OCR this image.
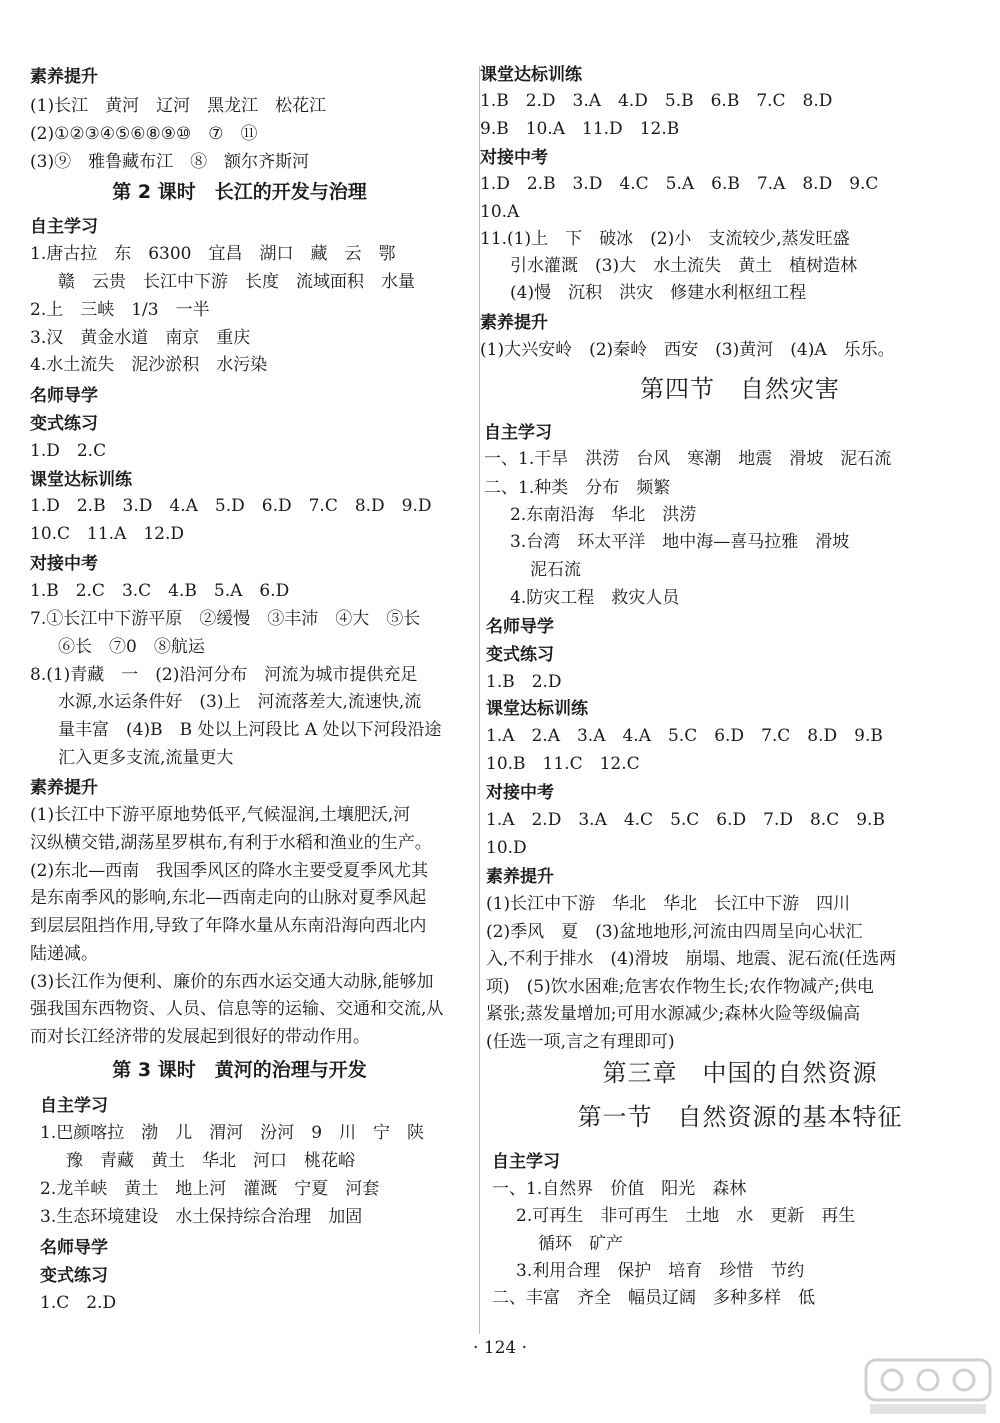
素养提升
(1)长江　黄河　辽河　黑龙江　松花江
(2)①②③④⑤⑥⑧⑨⑩　⑦　⑪
(3)⑨　雅鲁藏布江　⑧　额尔齐斯河
第 2 课时　长江的开发与治理
自主学习
1.唐古拉　东　6300　宜昌　湖口　藏　云　鄂
赣　云贵　长江中下游　长度　流域面积　水量
2.上　三峡　1/3　一半
3.汉　黄金水道　南京　重庆
4.水土流失　泥沙淤积　水污染
名师导学
变式练习
1.D　2.C
课堂达标训练
1.D　2.B　3.D　4.A　5.D　6.D　7.C　8.D　9.D
10.C　11.A　12.D
对接中考
1.B　2.C　3.C　4.B　5.A　6.D
7.①长江中下游平原　②缓慢　③丰沛　④大　⑤长
⑥长　⑦0　⑧航运
8.(1)青藏　一　(2)沿河分布　河流为城市提供充足
水源,水运条件好　(3)上　河流落差大,流速快,流
量丰富　(4)B　B 处以上河段比 A 处以下河段沿途
汇入更多支流,流量更大
素养提升
(1)长江中下游平原地势低平,气候湿润,土壤肥沃,河
汉纵横交错,湖荡星罗棋布,有利于水稻和渔业的生产。
(2)东北—西南　我国季风区的降水主要受夏季风尤其
是东南季风的影响,东北—西南走向的山脉对夏季风起
到层层阻挡作用,导致了年降水量从东南沿海向西北内
陆递减。
(3)长江作为便利、廉价的东西水运交通大动脉,能够加
强我国东西物资、人员、信息等的运输、交通和交流,从
而对长江经济带的发展起到很好的带动作用。
第 3 课时　黄河的治理与开发
自主学习
1.巴颜喀拉　渤　儿　渭河　汾河　9　川　宁　陕
豫　青藏　黄土　华北　河口　桃花峪
2.龙羊峡　黄土　地上河　灌溉　宁夏　河套
3.生态环境建设　水土保持综合治理　加固
名师导学
变式练习
1.C　2.D
课堂达标训练
1.B　2.D　3.A　4.D　5.B　6.B　7.C　8.D
9.B　10.A　11.D　12.B
对接中考
1.D　2.B　3.D　4.C　5.A　6.B　7.A　8.D　9.C
10.A
11.(1)上　下　破冰　(2)小　支流较少,蒸发旺盛
引水灌溉　(3)大　水土流失　黄土　植树造林
(4)慢　沉积　洪灾　修建水利枢纽工程
素养提升
(1)大兴安岭　(2)秦岭　西安　(3)黄河　(4)A　乐乐。
第四节　自然灾害
自主学习
一、1.干旱　洪涝　台风　寒潮　地震　滑坡　泥石流
二、1.种类　分布　频繁
2.东南沿海　华北　洪涝
3.台湾　环太平洋　地中海—喜马拉雅　滑坡
泥石流
4.防灾工程　救灾人员
名师导学
变式练习
1.B　2.D
课堂达标训练
1.A　2.A　3.A　4.A　5.C　6.D　7.C　8.D　9.B
10.B　11.C　12.C
对接中考
1.A　2.D　3.A　4.C　5.C　6.D　7.D　8.C　9.B
10.D
素养提升
(1)长江中下游　华北　华北　长江中下游　四川
(2)季风　夏　(3)盆地地形,河流由四周呈向心状汇
入,不利于排水　(4)滑坡　崩塌、地震、泥石流(任选两
项)　(5)饮水困难;危害农作物生长;农作物减产;供电
紧张;蒸发量增加;可用水源减少;森林火险等级偏高
(任选一项,言之有理即可)
第三章　中国的自然资源
第一节　自然资源的基本特征
自主学习
一、1.自然界　价值　阳光　森林
2.可再生　非可再生　土地　水　更新　再生
循环　矿产
3.利用合理　保护　培育　珍惜　节约
二、丰富　齐全　幅员辽阔　多种多样　低
· 124 ·
